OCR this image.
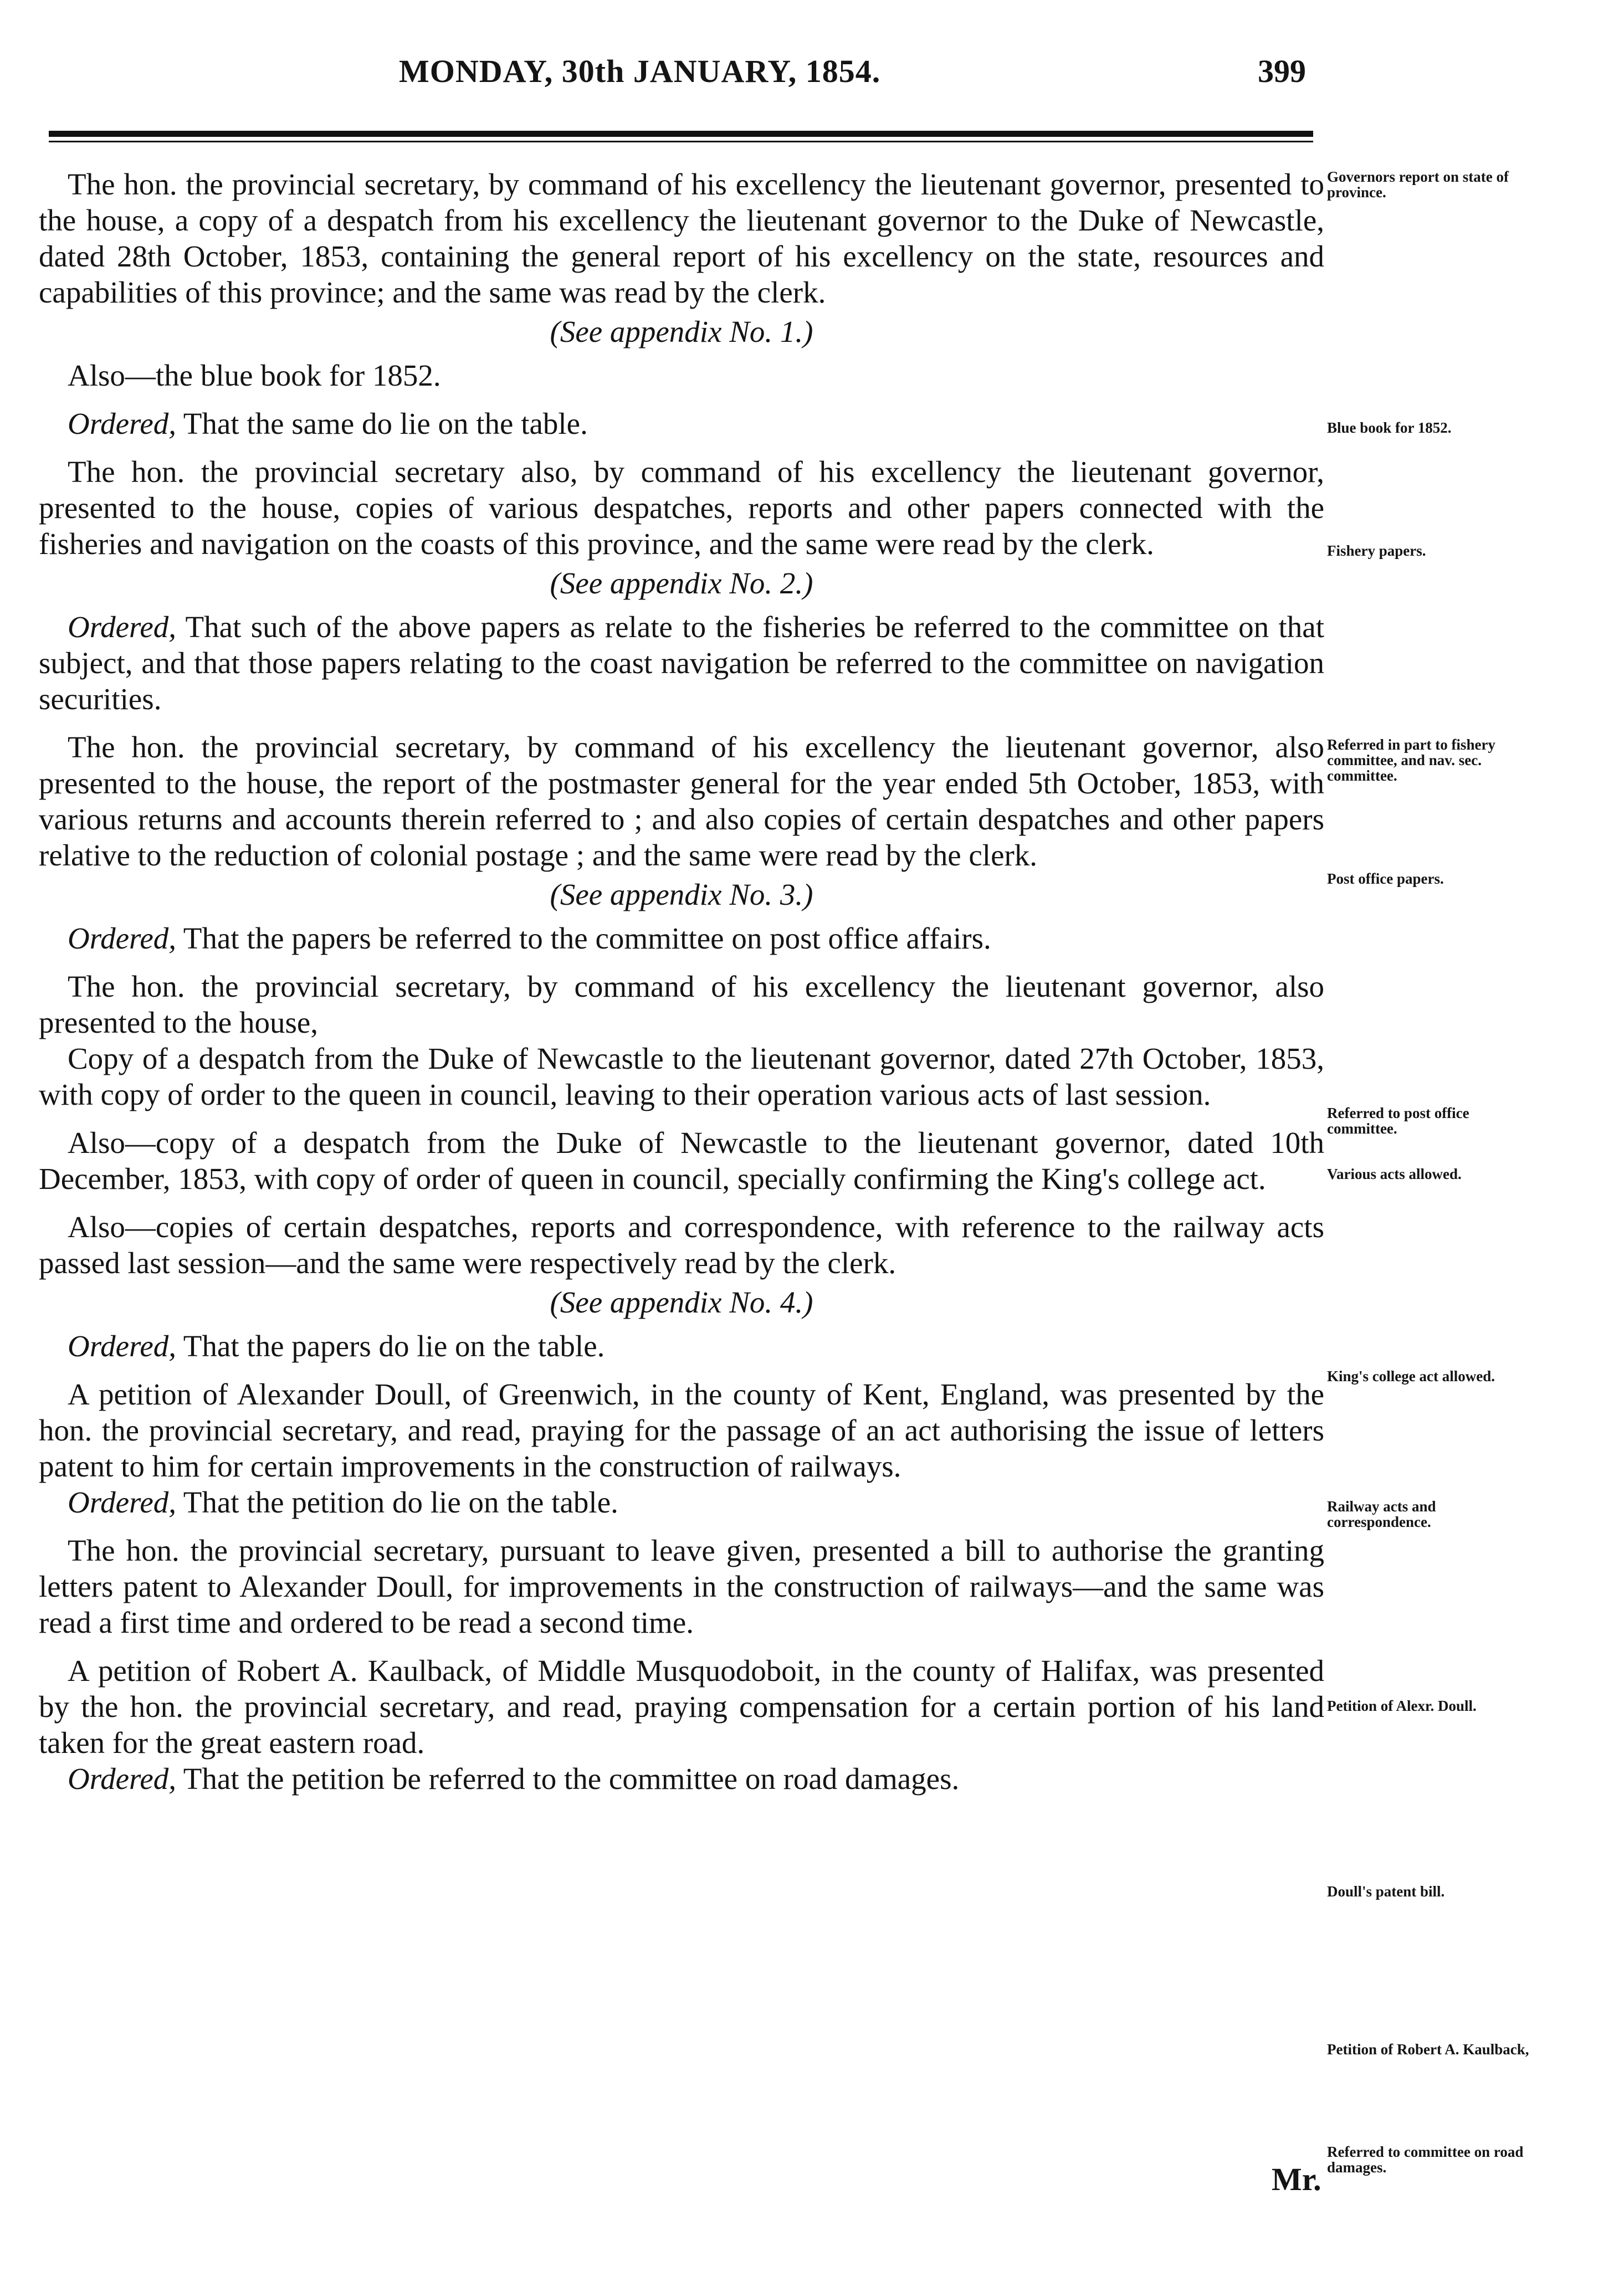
MONDAY, 30th JANUARY, 1854.	399

The hon. the provincial secretary, by command of his excellency the lieutenant governor, presented to the house, a copy of a despatch from his excellency the lieutenant governor to the Duke of Newcastle, dated 28th October, 1853, containing the general report of his excellency on the state, resources and capabilities of this province; and the same was read by the clerk.

(See appendix No. 1.)

Also—the blue book for 1852.

Ordered, That the same do lie on the table.

The hon. the provincial secretary also, by command of his excellency the lieutenant governor, presented to the house, copies of various despatches, reports and other papers connected with the fisheries and navigation on the coasts of this province, and the same were read by the clerk.

(See appendix No. 2.)

Ordered, That such of the above papers as relate to the fisheries be referred to the committee on that subject, and that those papers relating to the coast navigation be referred to the committee on navigation securities.

The hon. the provincial secretary, by command of his excellency the lieutenant governor, also presented to the house, the report of the postmaster general for the year ended 5th October, 1853, with various returns and accounts therein referred to ; and also copies of certain despatches and other papers relative to the reduction of colonial postage ; and the same were read by the clerk.

(See appendix No. 3.)

Ordered, That the papers be referred to the committee on post office affairs.

The hon. the provincial secretary, by command of his excellency the lieutenant governor, also presented to the house,

Copy of a despatch from the Duke of Newcastle to the lieutenant governor, dated 27th October, 1853, with copy of order to the queen in council, leaving to their operation various acts of last session.

Also—copy of a despatch from the Duke of Newcastle to the lieutenant governor, dated 10th December, 1853, with copy of order of queen in council, specially confirming the King's college act.

Also—copies of certain despatches, reports and correspondence, with reference to the railway acts passed last session—and the same were respectively read by the clerk.

(See appendix No. 4.)

Ordered, That the papers do lie on the table.

A petition of Alexander Doull, of Greenwich, in the county of Kent, England, was presented by the hon. the provincial secretary, and read, praying for the passage of an act authorising the issue of letters patent to him for certain improvements in the construction of railways.

Ordered, That the petition do lie on the table.

The hon. the provincial secretary, pursuant to leave given, presented a bill to authorise the granting letters patent to Alexander Doull, for improvements in the construction of railways—and the same was read a first time and ordered to be read a second time.

A petition of Robert A. Kaulback, of Middle Musquodoboit, in the county of Halifax, was presented by the hon. the provincial secretary, and read, praying compensation for a certain portion of his land taken for the great eastern road.

Ordered, That the petition be referred to the committee on road damages.

Governors report on state of province.
Blue book for 1852.
Fishery papers.
Referred in part to fishery committee, and nav. sec. committee.
Post office papers.
Referred to post office committee.
Various acts allowed.
King's college act allowed.
Railway acts and correspondence.
Petition of Alexr. Doull.
Doull's patent bill.
Petition of Robert A. Kaulback,
Referred to committee on road damages.
Mr.
